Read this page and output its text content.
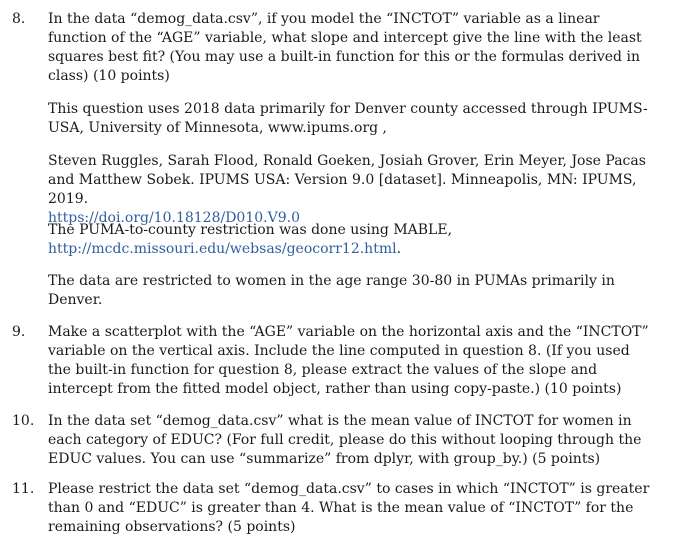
8. In the data “demog_data.csv”, if you model the “INCTOT” variable as a linear function of the “AGE” variable, what slope and intercept give the line with the least squares best fit? (You may use a built-in function for this or the formulas derived in class) (10 points)
This question uses 2018 data primarily for Denver county accessed through IPUMS-USA, University of Minnesota, www.ipums.org ,
Steven Ruggles, Sarah Flood, Ronald Goeken, Josiah Grover, Erin Meyer, Jose Pacas and Matthew Sobek. IPUMS USA: Version 9.0 [dataset]. Minneapolis, MN: IPUMS, 2019.
https://doi.org/10.18128/D010.V9.0
The PUMA-to-county restriction was done using MABLE,
http://mcdc.missouri.edu/websas/geocorr12.html.
The data are restricted to women in the age range 30-80 in PUMAs primarily in Denver.
9. Make a scatterplot with the “AGE” variable on the horizontal axis and the “INCTOT” variable on the vertical axis. Include the line computed in question 8. (If you used the built-in function for question 8, please extract the values of the slope and intercept from the fitted model object, rather than using copy-paste.) (10 points)
10. In the data set “demog_data.csv” what is the mean value of INCTOT for women in each category of EDUC? (For full credit, please do this without looping through the EDUC values. You can use “summarize” from dplyr, with group_by.) (5 points)
11. Please restrict the data set “demog_data.csv” to cases in which “INCTOT” is greater than 0 and “EDUC” is greater than 4. What is the mean value of “INCTOT” for the remaining observations? (5 points)
